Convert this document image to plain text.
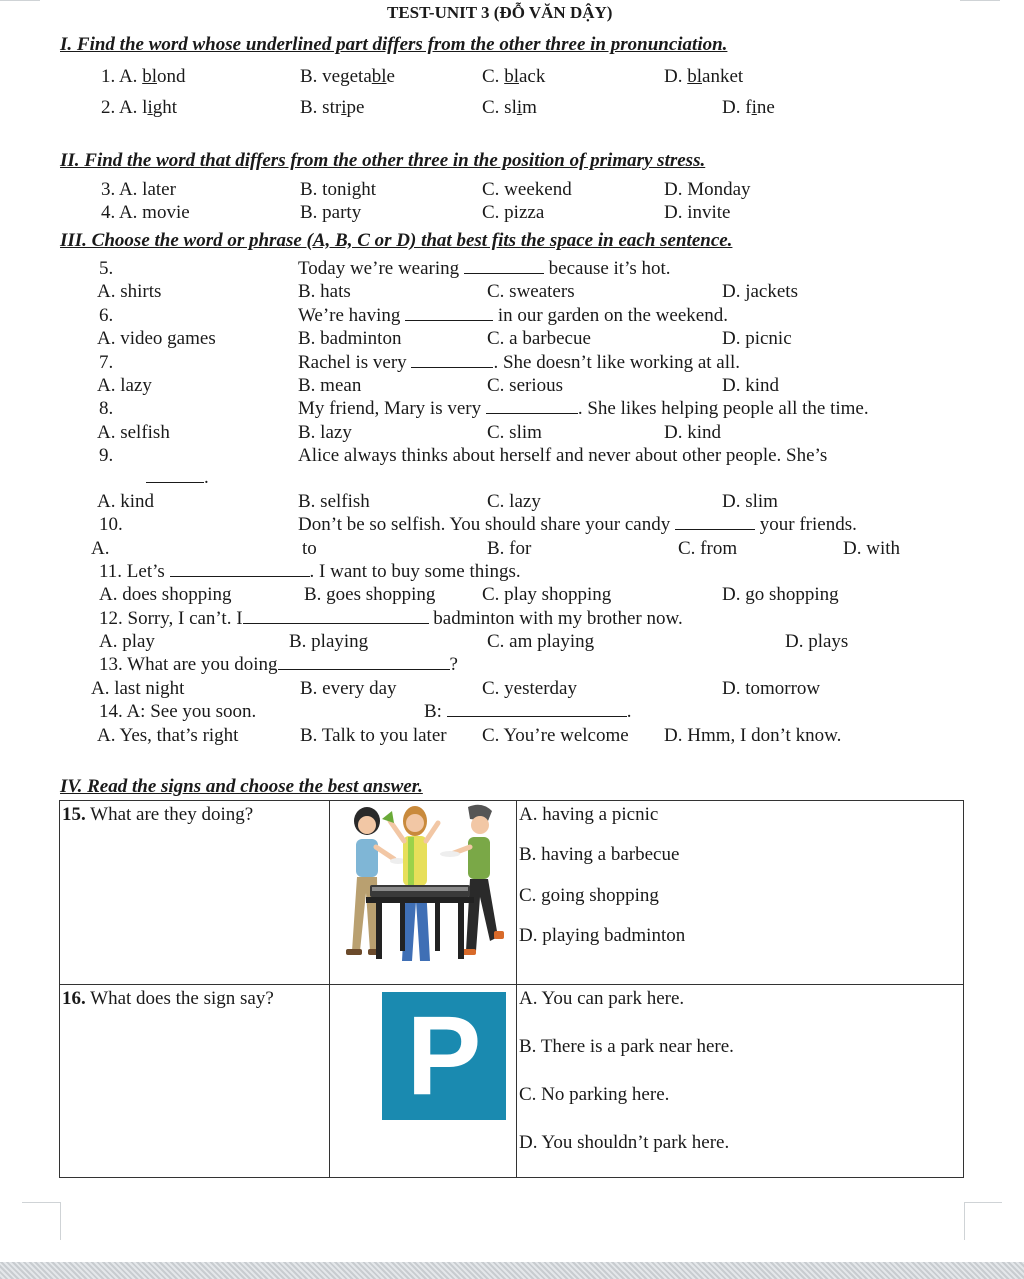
TEST-UNIT 3 (ĐỖ VĂN DẬY)
I. Find the word whose underlined part differs from the other three in pronunciation.
1. A. blond	B. vegetable	C. black	D. blanket
2. A. light	B. stripe	C. slim	D. fine
II. Find the word that differs from the other three in the position of primary stress.
3. A. later	B. tonight	C. weekend	D. Monday
4. A. movie	B. party	C. pizza	D. invite
III. Choose the word or phrase (A, B, C or D) that best fits the space in each sentence.
5.	Today we’re wearing	because it’s hot.
A. shirts	B. hats	C. sweaters	D. jackets
6.	We’re having	in our garden on the weekend.
A. video games	B. badminton	C. a barbecue	D. picnic
7.	Rachel is very	. She doesn’t like working at all.
A. lazy	B. mean	C. serious	D. kind
8.	My friend, Mary is very	. She likes helping people all the time.
A. selfish	B. lazy	C. slim	D. kind
9.	Alice always thinks about herself and never about other people. She’s
.
A. kind	B. selfish	C. lazy	D. slim
10.	Don’t be so selfish. You should share your candy	your friends.
A.	to	B. for	C. from	D. with
11. Let’s	. I want to buy some things.
A. does shopping	B. goes shopping C. play shopping	D. go shopping
12. Sorry, I can’t. I	badminton with my brother now.
A. play	B. playing	C. am playing	D. plays
13. What are you doing	?
A. last night	B. every day	C. yesterday	D. tomorrow
14. A: See you soon.	B:	.
A. Yes, that’s right	B. Talk to you later C. You’re welcome D. Hmm, I don’t know.
IV. Read the signs and choose the best answer.
15. What are they doing?		A. having a picnic
B. having a barbecue
C. going shopping
D. playing badminton

16. What does the sign say?	P	A. You can park here.
B. There is a park near here.
C. No parking here.
D. You shouldn’t park here.
